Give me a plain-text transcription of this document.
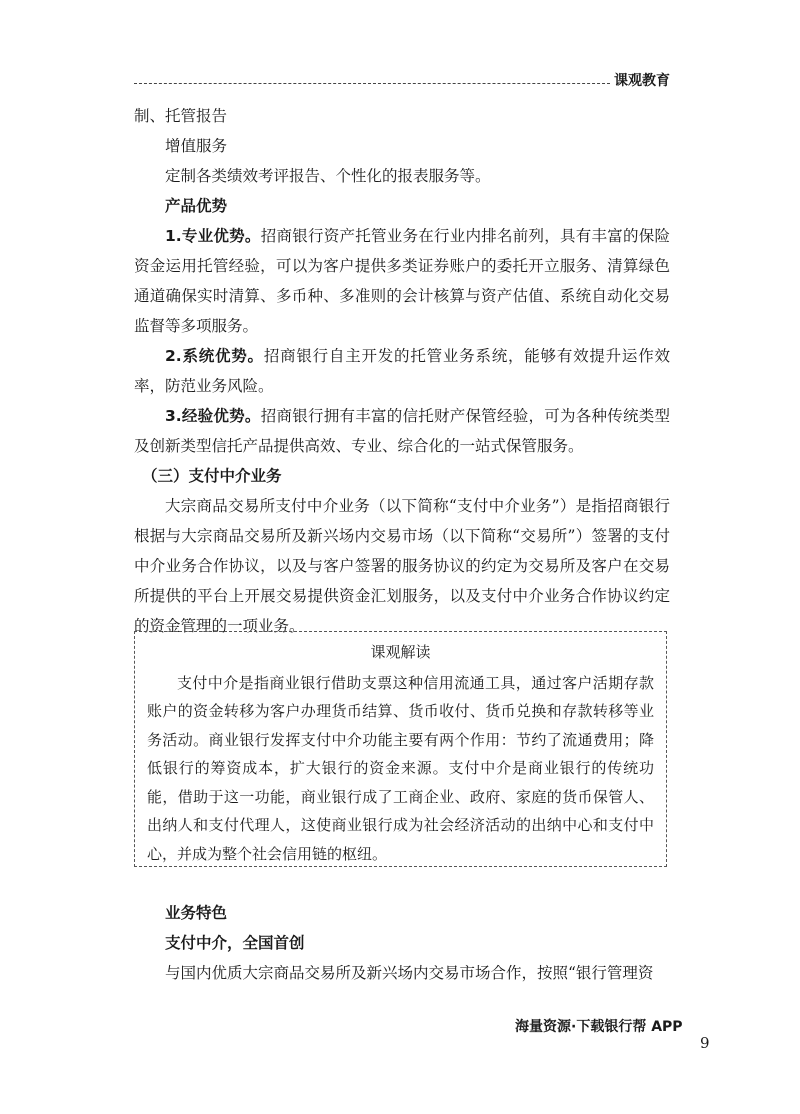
课观教育

制、托管报告

增值服务

定制各类绩效考评报告、个性化的报表服务等。

产品优势

1.专业优势。招商银行资产托管业务在行业内排名前列，具有丰富的保险资金运用托管经验，可以为客户提供多类证券账户的委托开立服务、清算绿色通道确保实时清算、多币种、多准则的会计核算与资产估值、系统自动化交易监督等多项服务。

2.系统优势。招商银行自主开发的托管业务系统，能够有效提升运作效率，防范业务风险。

3.经验优势。招商银行拥有丰富的信托财产保管经验，可为各种传统类型及创新类型信托产品提供高效、专业、综合化的一站式保管服务。

（三）支付中介业务

大宗商品交易所支付中介业务（以下简称“支付中介业务”）是指招商银行根据与大宗商品交易所及新兴场内交易市场（以下简称“交易所”）签署的支付中介业务合作协议，以及与客户签署的服务协议的约定为交易所及客户在交易所提供的平台上开展交易提供资金汇划服务，以及支付中介业务合作协议约定的资金管理的一项业务。

课观解读

支付中介是指商业银行借助支票这种信用流通工具，通过客户活期存款账户的资金转移为客户办理货币结算、货币收付、货币兑换和存款转移等业务活动。商业银行发挥支付中介功能主要有两个作用：节约了流通费用；降低银行的筹资成本，扩大银行的资金来源。支付中介是商业银行的传统功能，借助于这一功能，商业银行成了工商企业、政府、家庭的货币保管人、出纳人和支付代理人，这使商业银行成为社会经济活动的出纳中心和支付中心，并成为整个社会信用链的枢纽。

业务特色

支付中介，全国首创

与国内优质大宗商品交易所及新兴场内交易市场合作，按照“银行管理资

海量资源·下载银行帮 APP
9
